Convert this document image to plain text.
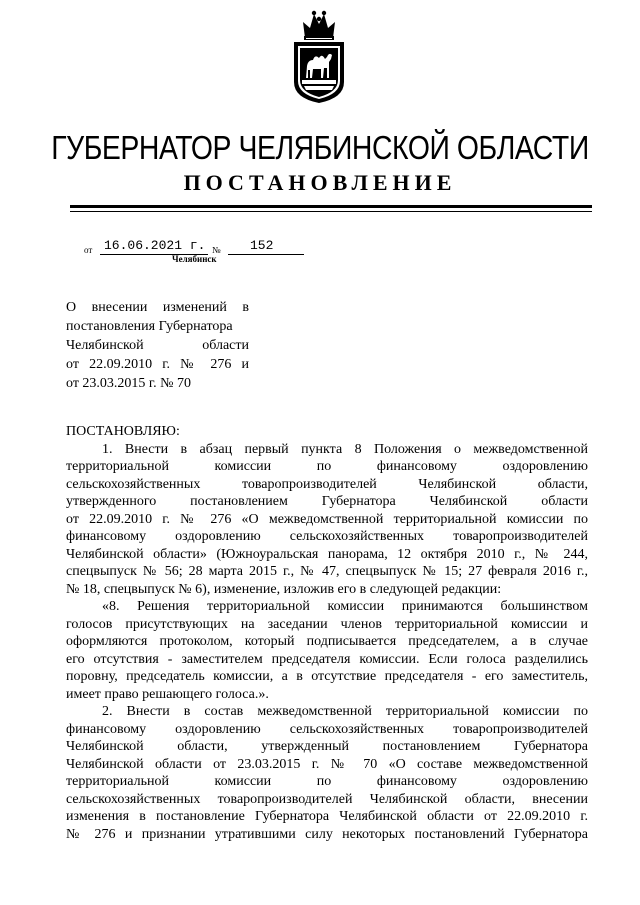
ГУБЕРНАТОР ЧЕЛЯБИНСКОЙ ОБЛАСТИ
ПОСТАНОВЛЕНИЕ
от 16.06.2021 г. № 152
Челябинск
О внесении изменений в
постановления Губернатора
Челябинской области
от 22.09.2010 г. № 276 и
от 23.03.2015 г. № 70
ПОСТАНОВЛЯЮ:
1. Внести в абзац первый пункта 8 Положения о межведомственной
территориальной комиссии по финансовому оздоровлению
сельскохозяйственных товаропроизводителей Челябинской области,
утвержденного постановлением Губернатора Челябинской области
от 22.09.2010 г. № 276 «О межведомственной территориальной комиссии по
финансовому оздоровлению сельскохозяйственных товаропроизводителей
Челябинской области» (Южноуральская панорама, 12 октября 2010 г., № 244,
спецвыпуск № 56; 28 марта 2015 г., № 47, спецвыпуск № 15; 27 февраля 2016 г.,
№ 18, спецвыпуск № 6), изменение, изложив его в следующей редакции:
«8. Решения территориальной комиссии принимаются большинством
голосов присутствующих на заседании членов территориальной комиссии и
оформляются протоколом, который подписывается председателем, а в случае
его отсутствия - заместителем председателя комиссии. Если голоса разделились
поровну, председатель комиссии, а в отсутствие председателя - его заместитель,
имеет право решающего голоса.».
2. Внести в состав межведомственной территориальной комиссии по
финансовому оздоровлению сельскохозяйственных товаропроизводителей
Челябинской области, утвержденный постановлением Губернатора
Челябинской области от 23.03.2015 г. № 70 «О составе межведомственной
территориальной комиссии по финансовому оздоровлению
сельскохозяйственных товаропроизводителей Челябинской области, внесении
изменения в постановление Губернатора Челябинской области от 22.09.2010 г.
№ 276 и признании утратившими силу некоторых постановлений Губернатора
